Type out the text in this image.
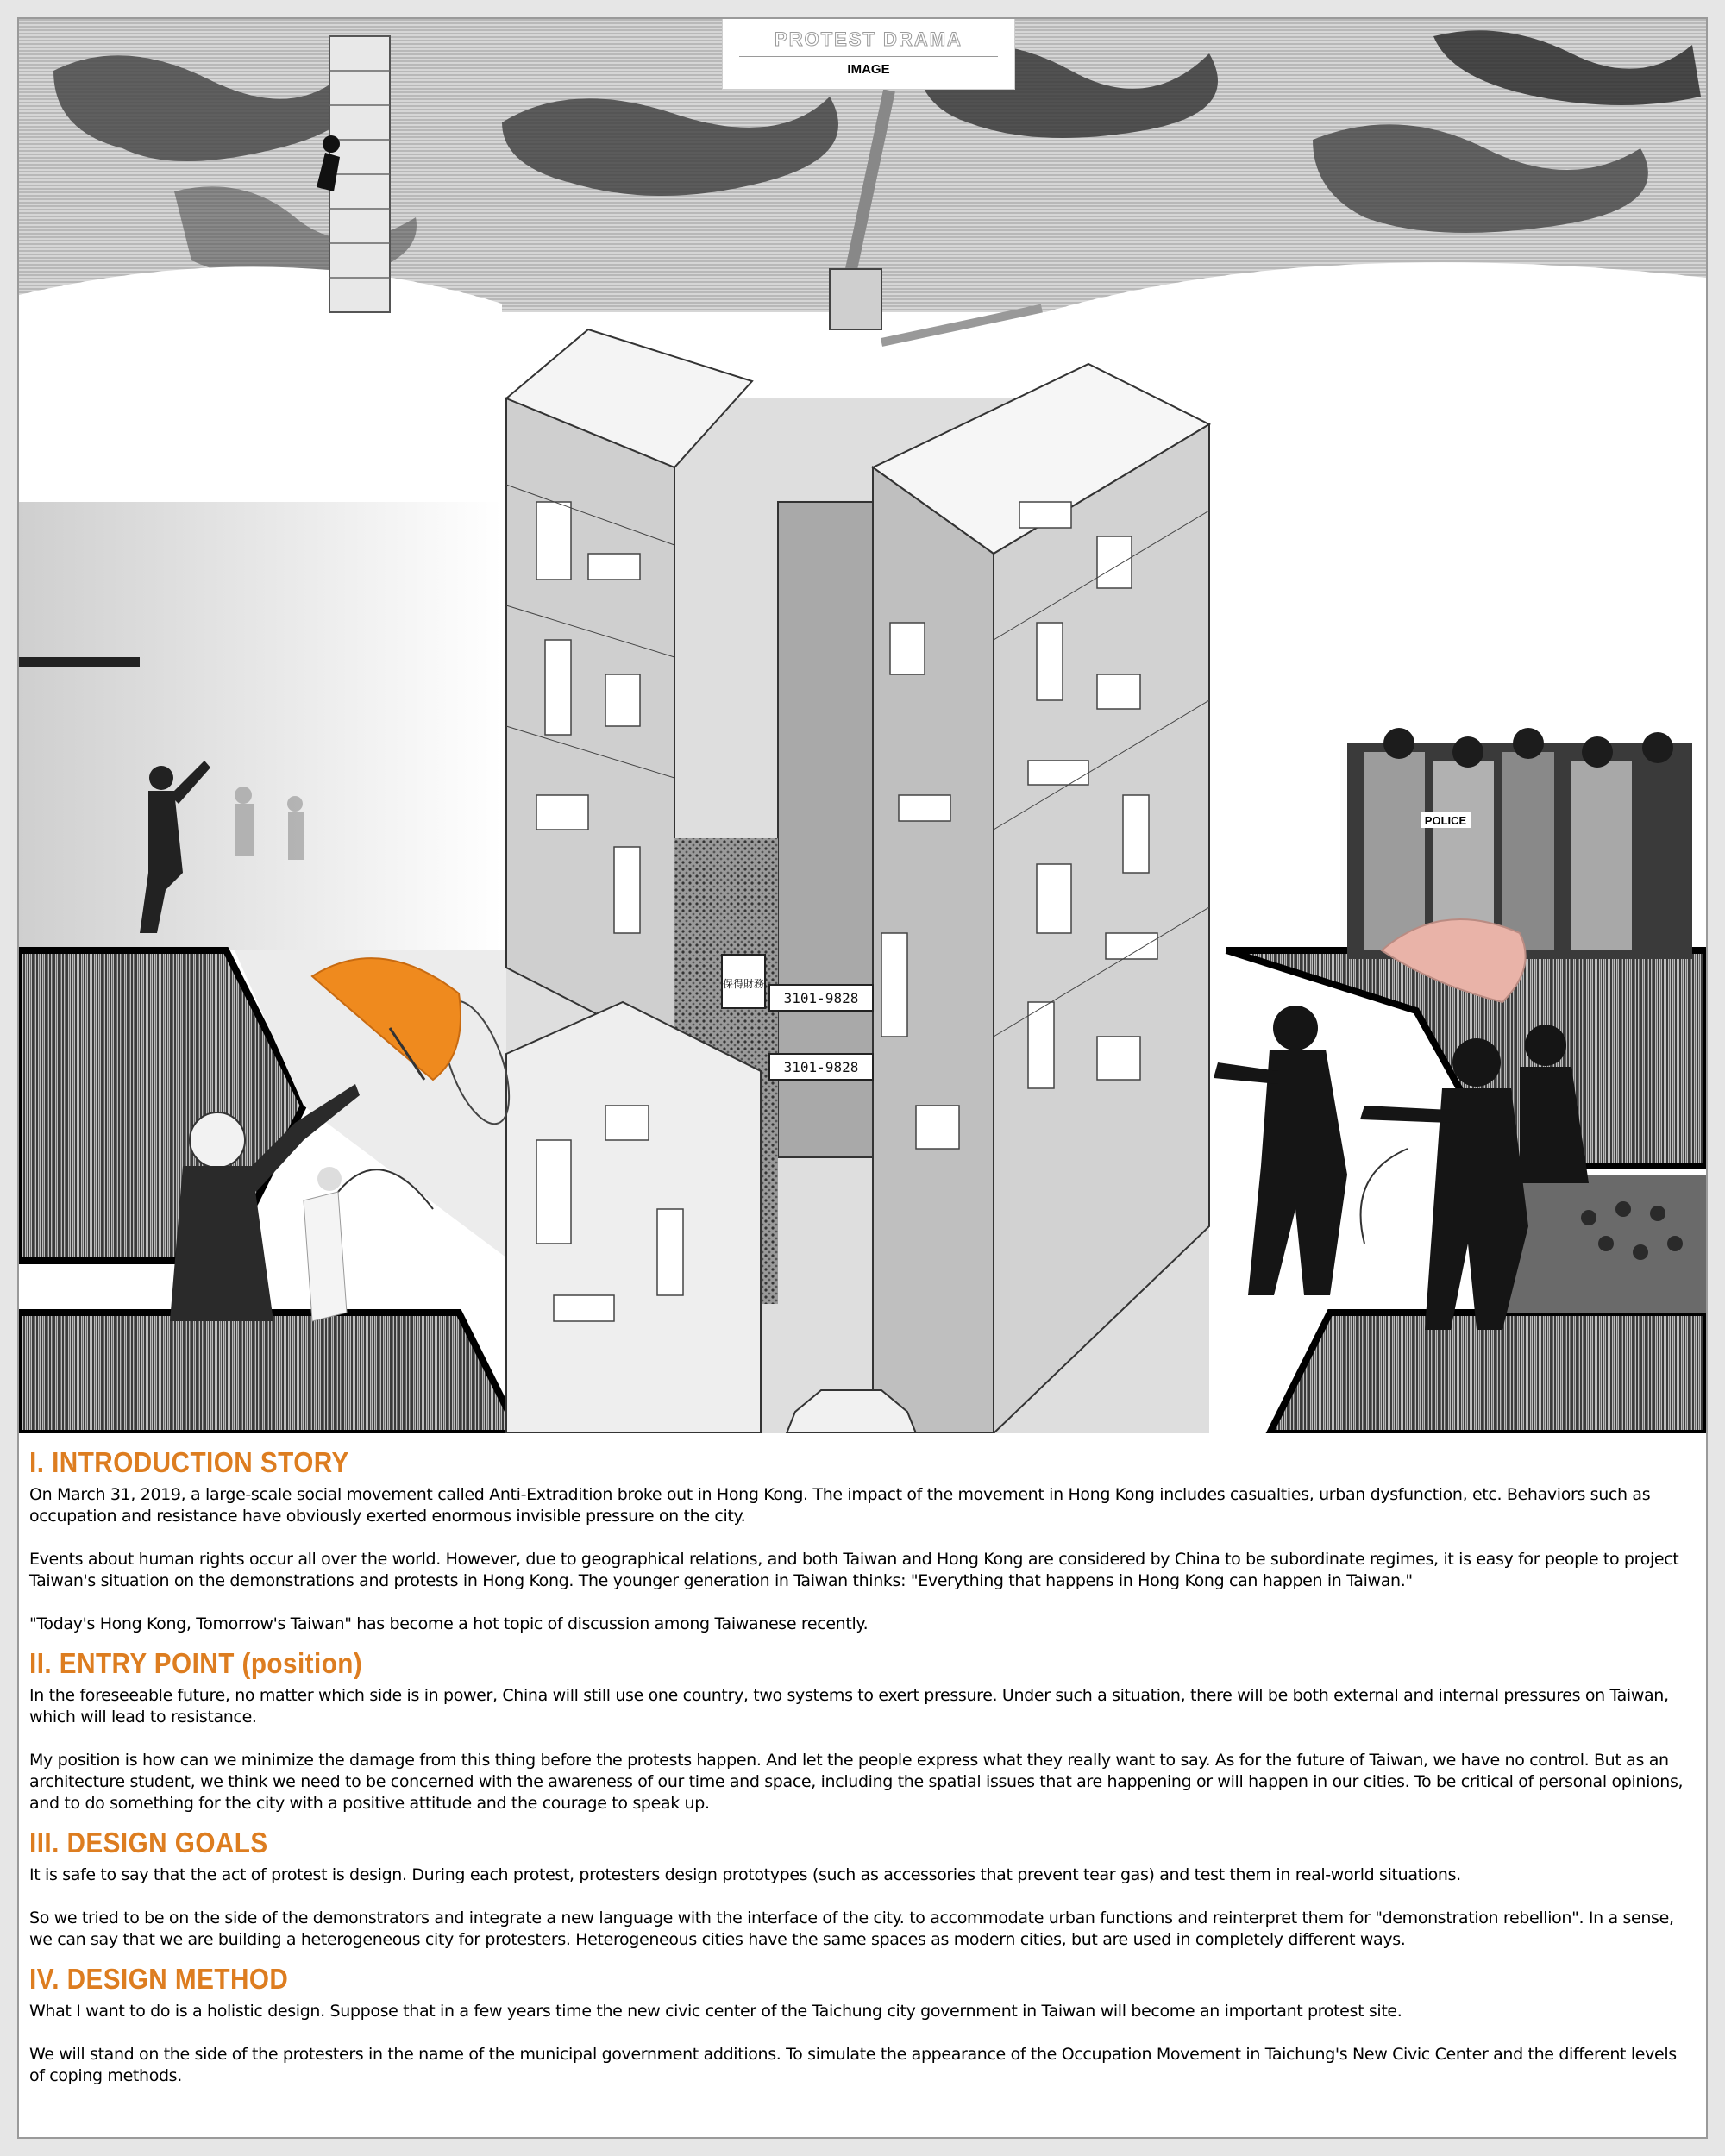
保得財務
3101-9828
3101-9828
POLICE
PROTEST DRAMA
IMAGE
I. INTRODUCTION STORY

On March 31, 2019, a large-scale social movement called Anti-Extradition broke out in Hong Kong. The impact of the movement in Hong Kong includes casualties, urban dysfunction, etc. Behaviors such as occupation and resistance have obviously exerted enormous invisible pressure on the city.

Events about human rights occur all over the world. However, due to geographical relations, and both Taiwan and Hong Kong are considered by China to be subordinate regimes, it is easy for people to project Taiwan's situation on the demonstrations and protests in Hong Kong. The younger generation in Taiwan thinks: "Everything that happens in Hong Kong can happen in Taiwan."

"Today's Hong Kong, Tomorrow's Taiwan" has become a hot topic of discussion among Taiwanese recently.

II. ENTRY POINT (position)

In the foreseeable future, no matter which side is in power, China will still use one country, two systems to exert pressure. Under such a situation, there will be both external and internal pressures on Taiwan, which will lead to resistance.

My position is how can we minimize the damage from this thing before the protests happen. And let the people express what they really want to say. As for the future of Taiwan, we have no control. But as an architecture student, we think we need to be concerned with the awareness of our time and space, including the spatial issues that are happening or will happen in our cities. To be critical of personal opinions, and to do something for the city with a positive attitude and the courage to speak up.

III. DESIGN GOALS

It is safe to say that the act of protest is design. During each protest, protesters design prototypes (such as accessories that prevent tear gas) and test them in real-world situations.

So we tried to be on the side of the demonstrators and integrate a new language with the interface of the city. to accommodate urban functions and reinterpret them for "demonstration rebellion". In a sense, we can say that we are building a heterogeneous city for protesters. Heterogeneous cities have the same spaces as modern cities, but are used in completely different ways.

IV. DESIGN METHOD

What I want to do is a holistic design. Suppose that in a few years time the new civic center of the Taichung city government in Taiwan will become an important protest site.

We will stand on the side of the protesters in the name of the municipal government additions. To simulate the appearance of the Occupation Movement in Taichung's New Civic Center and the different levels of coping methods.
